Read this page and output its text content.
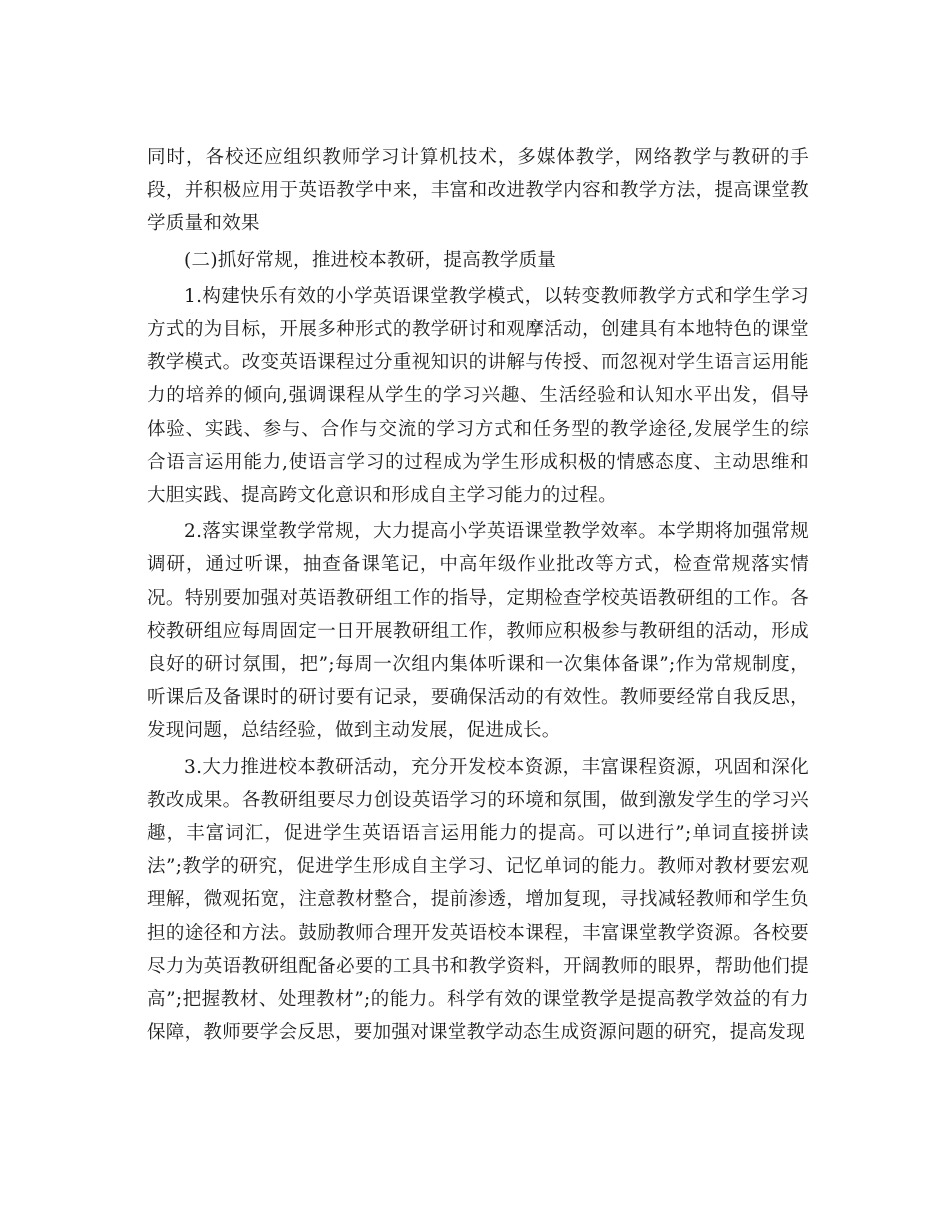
同时，各校还应组织教师学习计算机技术，多媒体教学，网络教学与教研的手段，并积极应用于英语教学中来，丰富和改进教学内容和教学方法，提高课堂教学质量和效果

(二)抓好常规，推进校本教研，提高教学质量

1.构建快乐有效的小学英语课堂教学模式，以转变教师教学方式和学生学习方式的为目标，开展多种形式的教学研讨和观摩活动，创建具有本地特色的课堂教学模式。改变英语课程过分重视知识的讲解与传授、而忽视对学生语言运用能力的培养的倾向,强调课程从学生的学习兴趣、生活经验和认知水平出发，倡导体验、实践、参与、合作与交流的学习方式和任务型的教学途径,发展学生的综合语言运用能力,使语言学习的过程成为学生形成积极的情感态度、主动思维和大胆实践、提高跨文化意识和形成自主学习能力的过程。

2.落实课堂教学常规，大力提高小学英语课堂教学效率。本学期将加强常规调研，通过听课，抽查备课笔记，中高年级作业批改等方式，检查常规落实情况。特别要加强对英语教研组工作的指导，定期检查学校英语教研组的工作。各校教研组应每周固定一日开展教研组工作，教师应积极参与教研组的活动，形成良好的研讨氛围，把”;每周一次组内集体听课和一次集体备课”;作为常规制度，听课后及备课时的研讨要有记录，要确保活动的有效性。教师要经常自我反思，发现问题，总结经验，做到主动发展，促进成长。

3.大力推进校本教研活动，充分开发校本资源，丰富课程资源，巩固和深化教改成果。各教研组要尽力创设英语学习的环境和氛围，做到激发学生的学习兴趣，丰富词汇，促进学生英语语言运用能力的提高。可以进行”;单词直接拼读法”;教学的研究，促进学生形成自主学习、记忆单词的能力。教师对教材要宏观理解，微观拓宽，注意教材整合，提前渗透，增加复现，寻找减轻教师和学生负担的途径和方法。鼓励教师合理开发英语校本课程，丰富课堂教学资源。各校要尽力为英语教研组配备必要的工具书和教学资料，开阔教师的眼界，帮助他们提高”;把握教材、处理教材”;的能力。科学有效的课堂教学是提高教学效益的有力保障，教师要学会反思，要加强对课堂教学动态生成资源问题的研究，提高发现
